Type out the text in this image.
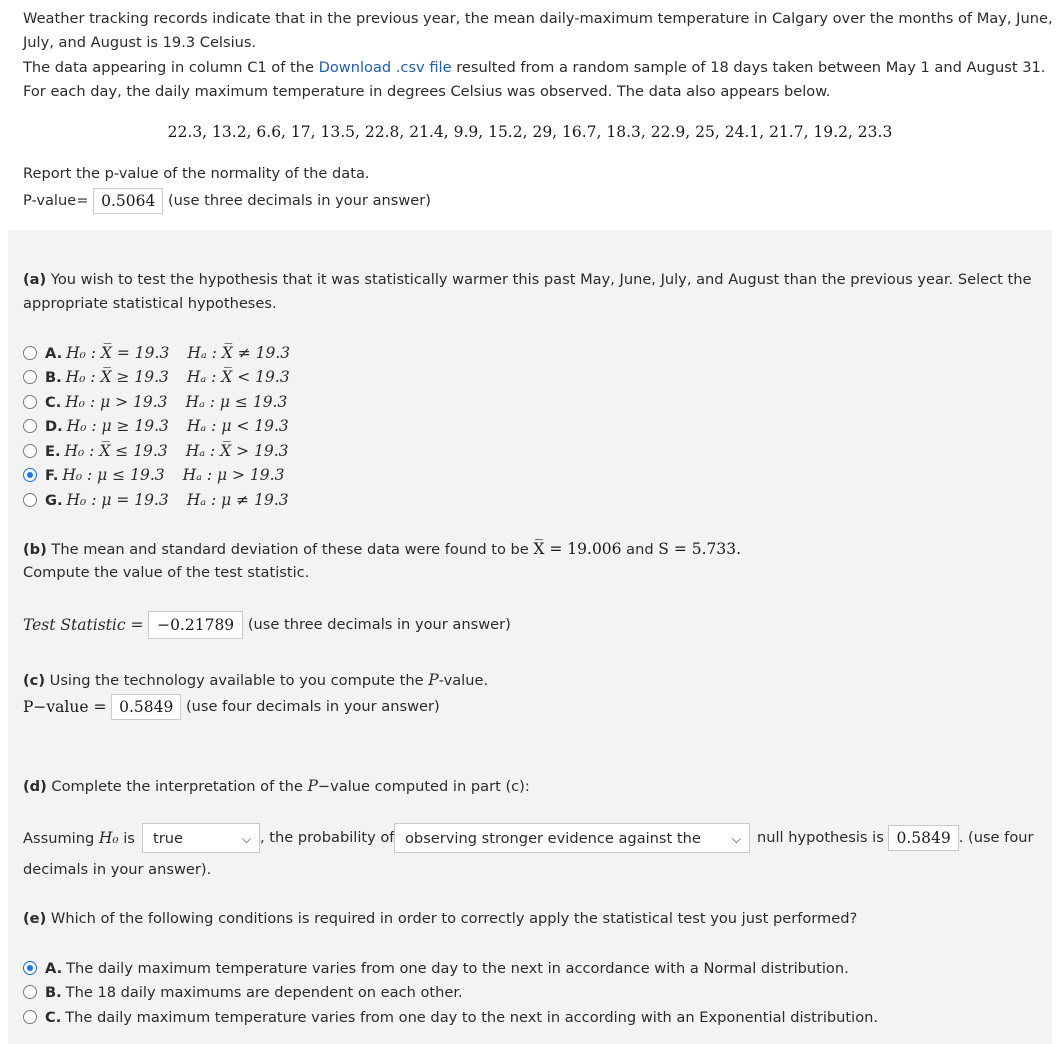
Weather tracking records indicate that in the previous year, the mean daily-maximum temperature in Calgary over the months of May, June,
July, and August is 19.3 Celsius.
The data appearing in column C1 of the Download .csv file resulted from a random sample of 18 days taken between May 1 and August 31.
For each day, the daily maximum temperature in degrees Celsius was observed. The data also appears below.
22.3, 13.2, 6.6, 17, 13.5, 22.8, 21.4, 9.9, 15.2, 29, 16.7, 18.3, 22.9, 25, 24.1, 21.7, 19.2, 23.3
Report the p-value of the normality of the data.
P-value= 0.5064 (use three decimals in your answer)
(a) You wish to test the hypothesis that it was statistically warmer this past May, June, July, and August than the previous year. Select the
appropriate statistical hypotheses.
A. H₀ : X̅ = 19.3 Hₐ : X̅ ≠ 19.3
B. H₀ : X̅ ≥ 19.3 Hₐ : X̅ < 19.3
C. H₀ : μ > 19.3 Hₐ : μ ≤ 19.3
D. H₀ : μ ≥ 19.3 Hₐ : μ < 19.3
E. H₀ : X̅ ≤ 19.3 Hₐ : X̅ > 19.3
F. H₀ : μ ≤ 19.3 Hₐ : μ > 19.3
G. H₀ : μ = 19.3 Hₐ : μ ≠ 19.3
(b) The mean and standard deviation of these data were found to be X̅ = 19.006 and S = 5.733.
Compute the value of the test statistic.
Test Statistic = −0.21789 (use three decimals in your answer)
(c) Using the technology available to you compute the P-value.
P−value = 0.5849 (use four decimals in your answer)
(d) Complete the interpretation of the P−value computed in part (c):
Assuming H₀ is	true	⌵ , the probability of observing stronger evidence against the	⌵ null hypothesis is 0.5849 . (use four
decimals in your answer).
(e) Which of the following conditions is required in order to correctly apply the statistical test you just performed?
A. The daily maximum temperature varies from one day to the next in accordance with a Normal distribution.
B. The 18 daily maximums are dependent on each other.
C. The daily maximum temperature varies from one day to the next in according with an Exponential distribution.
